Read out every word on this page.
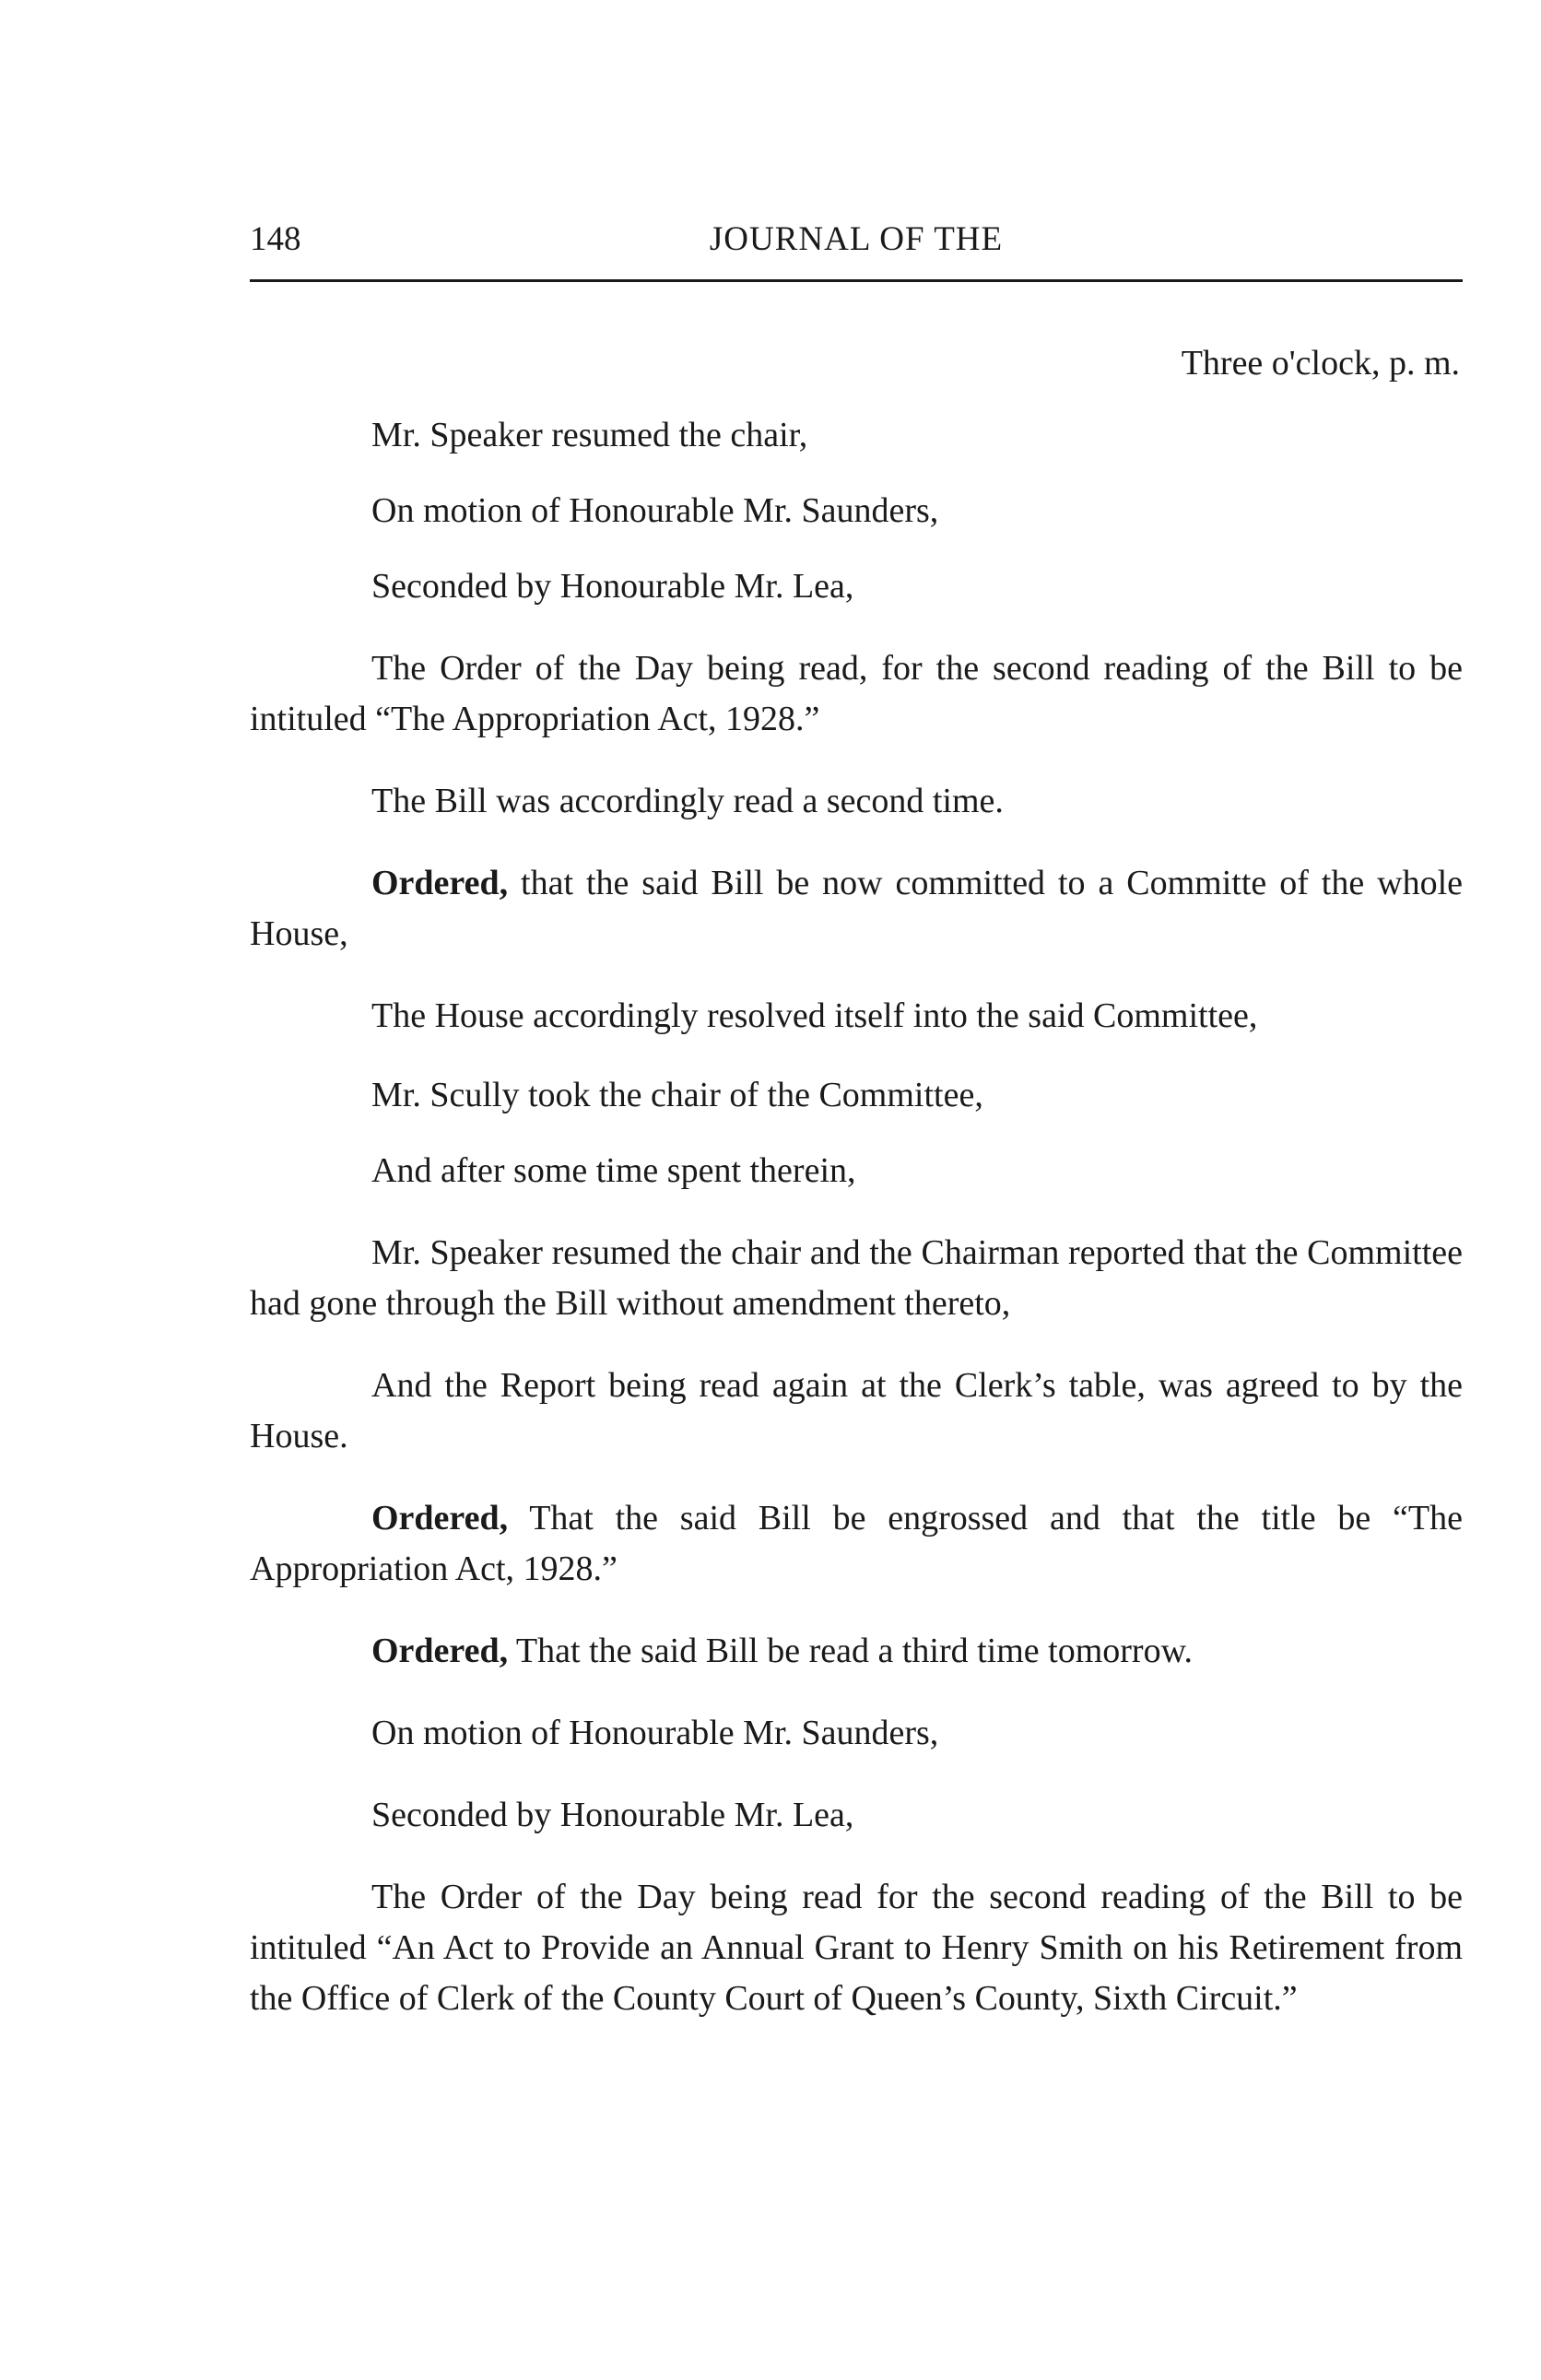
148	JOURNAL OF THE
Three o'clock, p. m.

Mr. Speaker resumed the chair,

On motion of Honourable Mr. Saunders,

Seconded by Honourable Mr. Lea,

The Order of the Day being read, for the second reading of the Bill to be intituled “The Appropriation Act, 1928.”

The Bill was accordingly read a second time.

Ordered, that the said Bill be now committed to a Committe of the whole House,

The House accordingly resolved itself into the said Committee,

Mr. Scully took the chair of the Committee,

And after some time spent therein,

Mr. Speaker resumed the chair and the Chairman reported that the Committee had gone through the Bill without amendment thereto,

And the Report being read again at the Clerk’s table, was agreed to by the House.

Ordered, That the said Bill be engrossed and that the title be “The Appropriation Act, 1928.”

Ordered, That the said Bill be read a third time tomorrow.

On motion of Honourable Mr. Saunders,

Seconded by Honourable Mr. Lea,

The Order of the Day being read for the second reading of the Bill to be intituled “An Act to Provide an Annual Grant to Henry Smith on his Retirement from the Office of Clerk of the County Court of Queen’s County, Sixth Circuit.”
